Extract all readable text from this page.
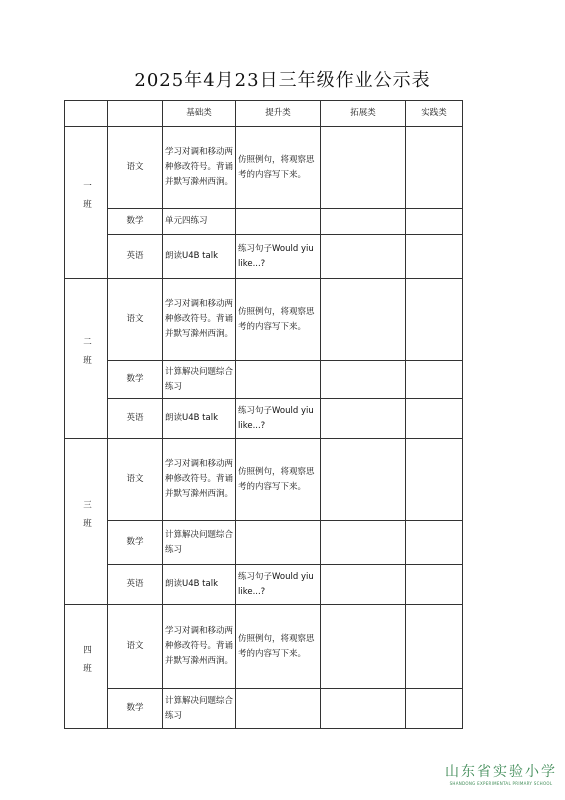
2025年4月23日三年级作业公示表
		基础类	提升类	拓展类	实践类
一班	语文	学习对调和移动两种修改符号。背诵并默写滁州西涧。	仿照例句，将观察思考的内容写下来。		
	数学	单元四练习			
	英语	朗读U4B talk	练习句子Would yiu like...?		
二班	语文	学习对调和移动两种修改符号。背诵并默写滁州西涧。	仿照例句，将观察思考的内容写下来。		
	数学	计算解决问题综合练习			
	英语	朗读U4B talk	练习句子Would yiu like...?		
三班	语文	学习对调和移动两种修改符号。背诵并默写滁州西涧。	仿照例句，将观察思考的内容写下来。		
	数学	计算解决问题综合练习			
	英语	朗读U4B talk	练习句子Would yiu like...?		
四班	语文	学习对调和移动两种修改符号。背诵并默写滁州西涧。	仿照例句，将观察思考的内容写下来。		
	数学	计算解决问题综合练习			
山东省实验小学
SHANDONG EXPERIMENTAL PRIMARY SCHOOL
